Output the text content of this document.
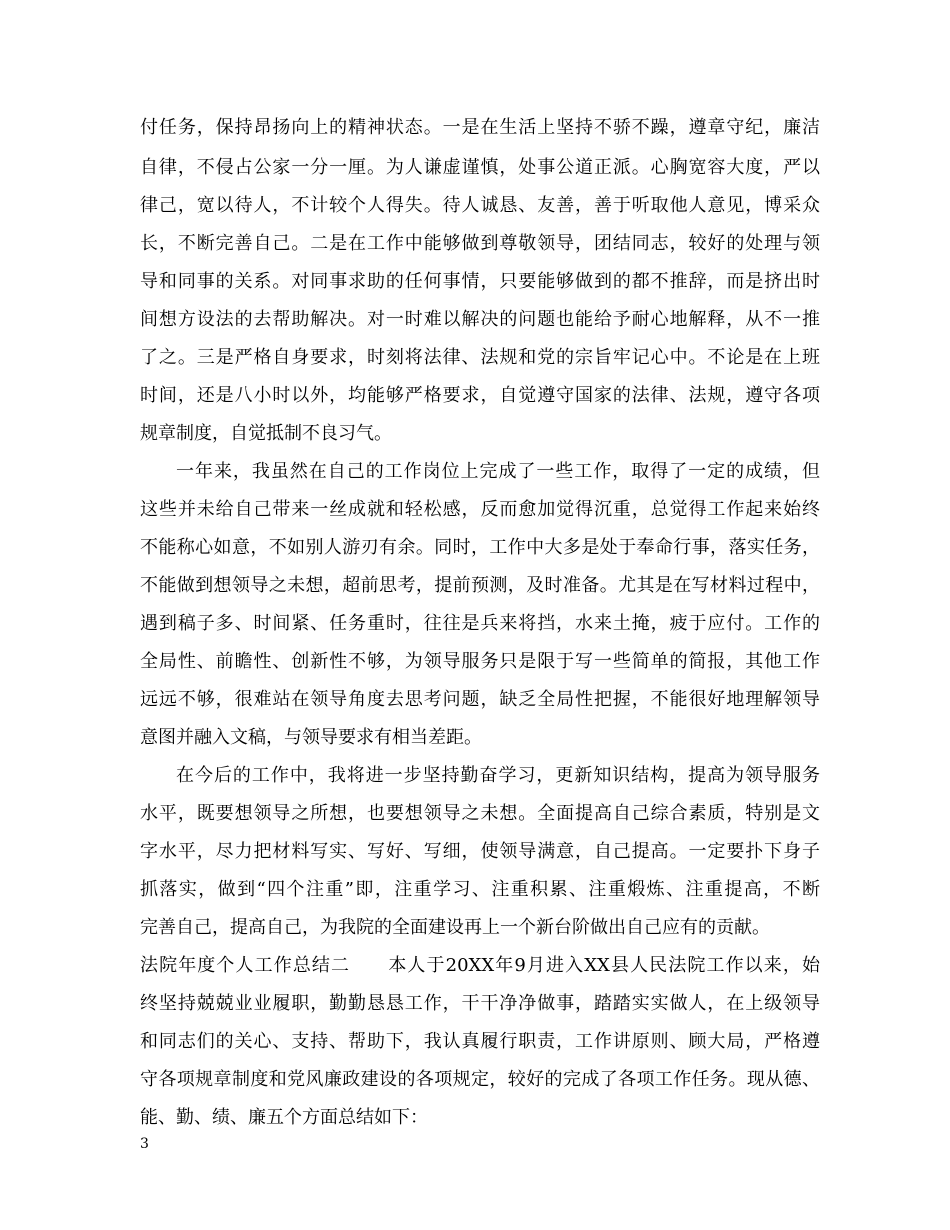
付任务，保持昂扬向上的精神状态。一是在生活上坚持不骄不躁，遵章守纪，廉洁
自律，不侵占公家一分一厘。为人谦虚谨慎，处事公道正派。心胸宽容大度，严以
律己，宽以待人，不计较个人得失。待人诚恳、友善，善于听取他人意见，博采众
长，不断完善自己。二是在工作中能够做到尊敬领导，团结同志，较好的处理与领
导和同事的关系。对同事求助的任何事情，只要能够做到的都不推辞，而是挤出时
间想方设法的去帮助解决。对一时难以解决的问题也能给予耐心地解释，从不一推
了之。三是严格自身要求，时刻将法律、法规和党的宗旨牢记心中。不论是在上班
时间，还是八小时以外，均能够严格要求，自觉遵守国家的法律、法规，遵守各项
规章制度，自觉抵制不良习气。
一年来，我虽然在自己的工作岗位上完成了一些工作，取得了一定的成绩，但
这些并未给自己带来一丝成就和轻松感，反而愈加觉得沉重，总觉得工作起来始终
不能称心如意，不如别人游刃有余。同时，工作中大多是处于奉命行事，落实任务，
不能做到想领导之未想，超前思考，提前预测，及时准备。尤其是在写材料过程中，
遇到稿子多、时间紧、任务重时，往往是兵来将挡，水来土掩，疲于应付。工作的
全局性、前瞻性、创新性不够，为领导服务只是限于写一些简单的简报，其他工作
远远不够，很难站在领导角度去思考问题，缺乏全局性把握，不能很好地理解领导
意图并融入文稿，与领导要求有相当差距。
在今后的工作中，我将进一步坚持勤奋学习，更新知识结构，提高为领导服务
水平，既要想领导之所想，也要想领导之未想。全面提高自己综合素质，特别是文
字水平，尽力把材料写实、写好、写细，使领导满意，自己提高。一定要扑下身子
抓落实，做到“四个注重”即，注重学习、注重积累、注重煅炼、注重提高，不断
完善自己，提高自己，为我院的全面建设再上一个新台阶做出自己应有的贡献。
法院年度个人工作总结二　　本人于20XX年9月进入XX县人民法院工作以来，始
终坚持兢兢业业履职，勤勤恳恳工作，干干净净做事，踏踏实实做人，在上级领导
和同志们的关心、支持、帮助下，我认真履行职责，工作讲原则、顾大局，严格遵
守各项规章制度和党风廉政建设的各项规定，较好的完成了各项工作任务。现从德、
能、勤、绩、廉五个方面总结如下：
3
